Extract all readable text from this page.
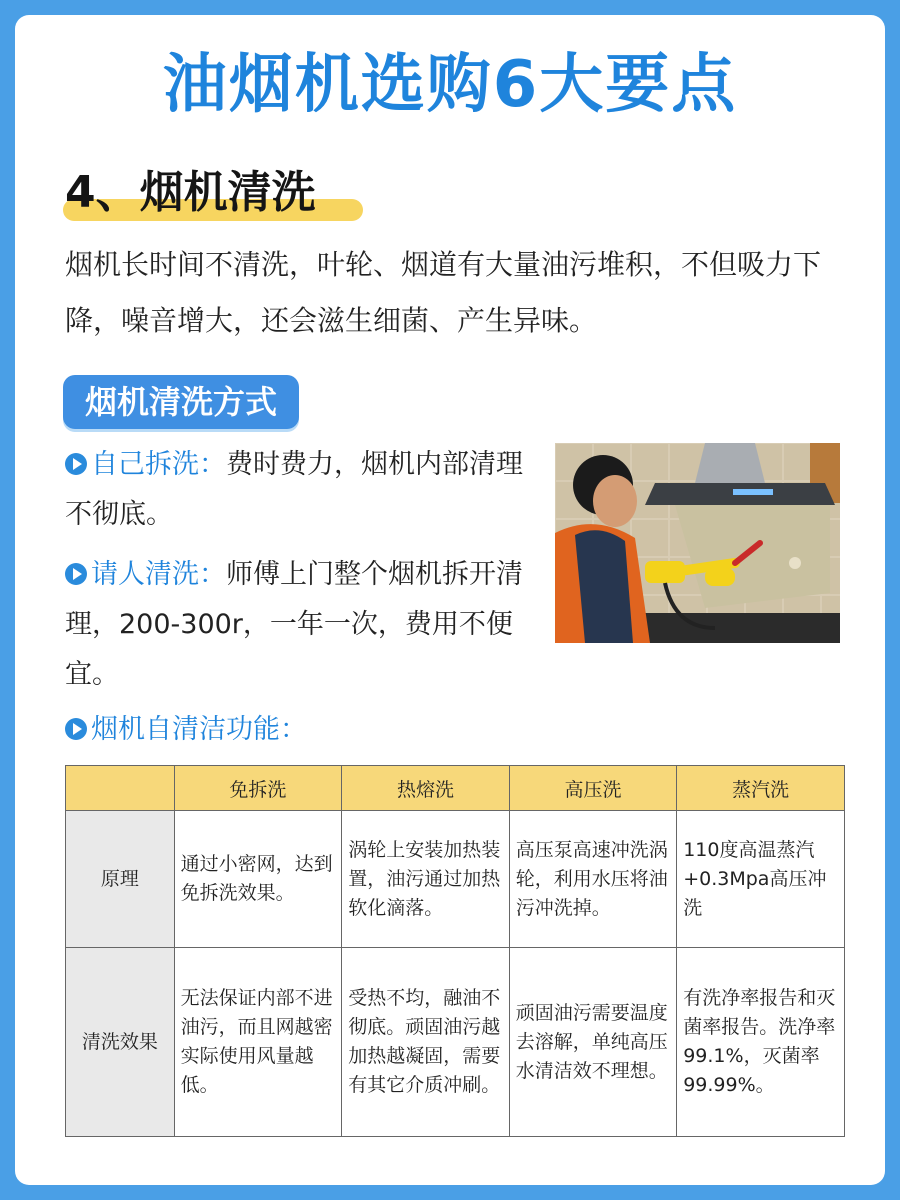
油烟机选购6大要点
4、烟机清洗
烟机长时间不清洗，叶轮、烟道有大量油污堆积，不但吸力下降，噪音增大，还会滋生细菌、产生异味。
烟机清洗方式
自己拆洗：费时费力，烟机内部清理不彻底。
请人清洗：师傅上门整个烟机拆开清理，200-300r，一年一次，费用不便宜。
烟机自清洁功能：
	免拆洗	热熔洗	高压洗	蒸汽洗
原理	通过小密网，达到免拆洗效果。	涡轮上安装加热装置，油污通过加热软化滴落。	高压泵高速冲洗涡轮，利用水压将油污冲洗掉。	110度高温蒸汽+0.3Mpa高压冲洗
清洗效果	无法保证内部不进油污，而且网越密实际使用风量越低。	受热不均，融油不彻底。顽固油污越加热越凝固，需要有其它介质冲刷。	顽固油污需要温度去溶解，单纯高压水清洁效不理想。	有洗净率报告和灭菌率报告。洗净率99.1%，灭菌率99.99%。
